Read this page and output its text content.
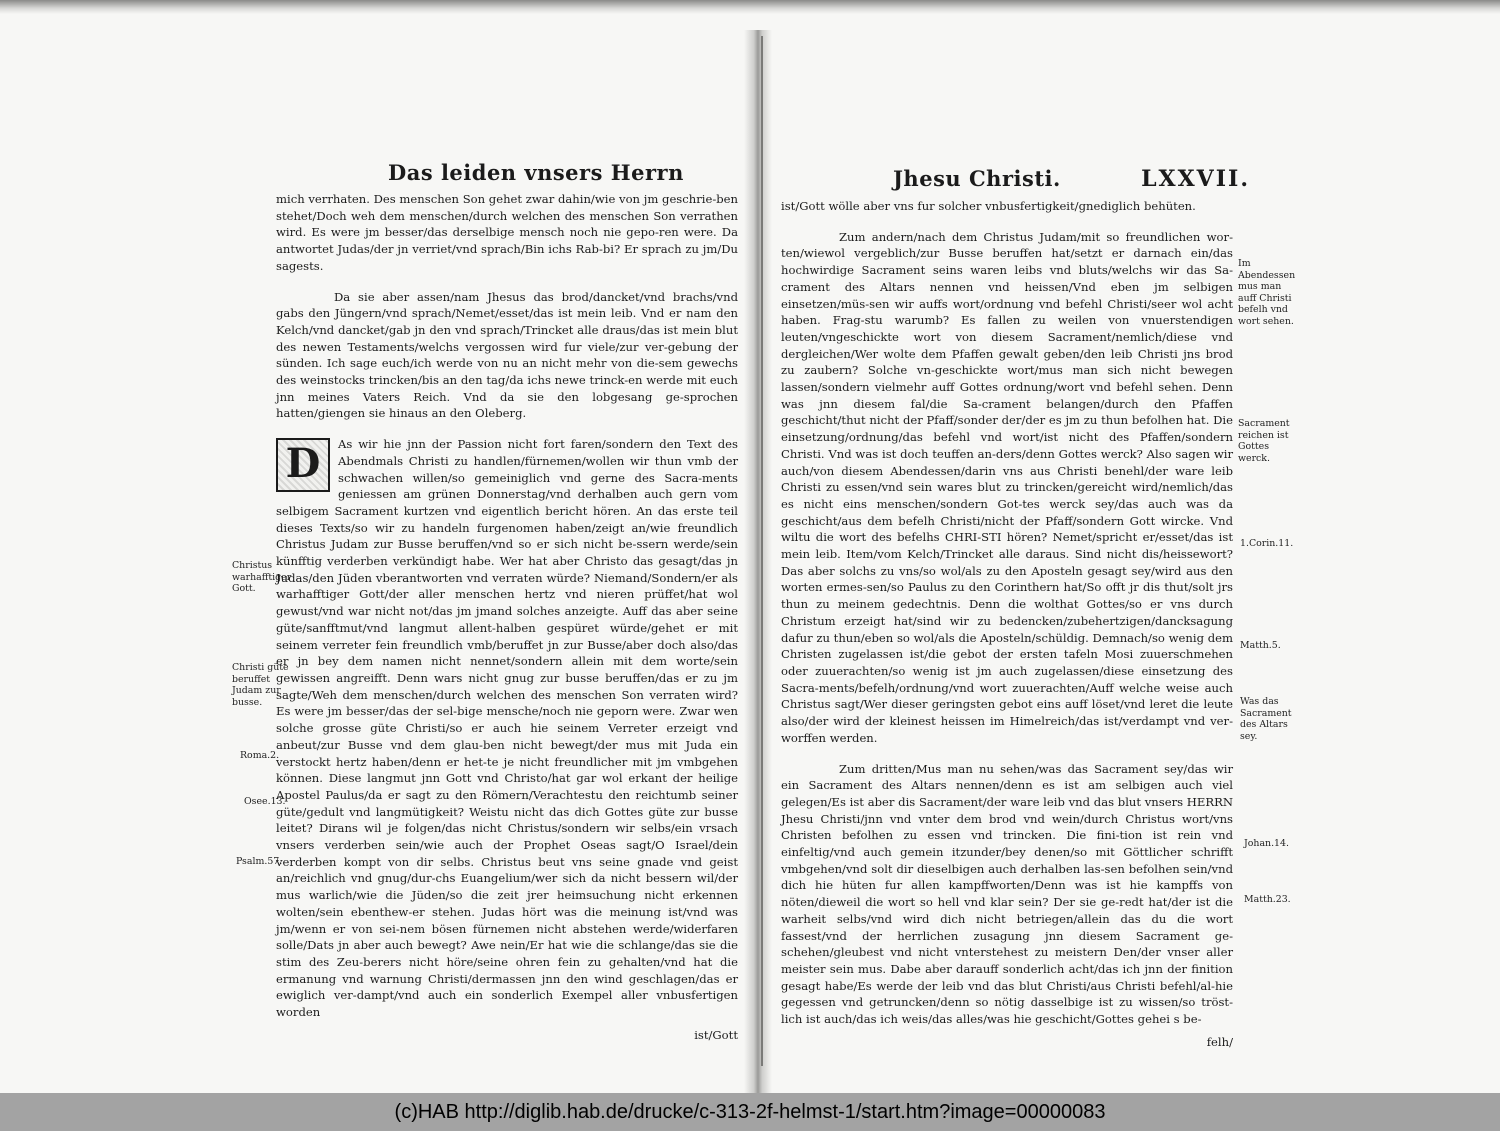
Das leiden vnsers Herrn
mich verrhaten. Des menschen Son gehet zwar dahin/wie von jm geschrie-ben stehet/Doch weh dem menschen/durch welchen des menschen Son verrathen wird. Es were jm besser/das derselbige mensch noch nie gepo-ren were. Da antwortet Judas/der jn verriet/vnd sprach/Bin ichs Rab-bi? Er sprach zu jm/Du sagests.
Da sie aber assen/nam Jhesus das brod/dancket/vnd brachs/vnd gabs den Jüngern/vnd sprach/Nemet/esset/das ist mein leib. Vnd er nam den Kelch/vnd dancket/gab jn den vnd sprach/Trincket alle draus/das ist mein blut des newen Testaments/welchs vergossen wird fur viele/zur ver-gebung der sünden. Ich sage euch/ich werde von nu an nicht mehr von die-sem gewechs des weinstocks trincken/bis an den tag/da ichs newe trinck-en werde mit euch jnn meines Vaters Reich. Vnd da sie den lobgesang ge-sprochen hatten/giengen sie hinaus an den Oleberg.
D	As wir hie jnn der Passion nicht fort faren/sondern den Text des Abendmals Christi zu handlen/fürnemen/wollen wir thun vmb der schwachen willen/so gemeiniglich vnd gerne des Sacra-ments geniessen am grünen Donnerstag/vnd derhalben auch gern vom selbigem Sacrament kurtzen vnd eigentlich bericht hören. An das erste teil dieses Texts/so wir zu handeln furgenomen haben/zeigt an/wie freundlich Christus Judam zur Busse beruffen/vnd so er sich nicht be-ssern werde/sein künfftig verderben verkündigt habe. Wer hat aber Christo das gesagt/das jn Judas/den Jüden vberantworten vnd verraten würde? Niemand/Sondern/er als warhafftiger Gott/der aller menschen hertz vnd nieren prüffet/hat wol gewust/vnd war nicht not/das jm jmand solches anzeigte. Auff das aber seine güte/sanfftmut/vnd langmut allent-halben gespüret würde/gehet er mit seinem verreter fein freundlich vmb/beruffet jn zur Busse/aber doch also/das er jn bey dem namen nicht nennet/sondern allein mit dem worte/sein gewissen angreifft. Denn wars nicht gnug zur busse beruffen/das er zu jm sagte/Weh dem menschen/durch welchen des menschen Son verraten wird? Es were jm besser/das der sel-bige mensche/noch nie geporn were. Zwar wen solche grosse güte Christi/so er auch hie seinem Verreter erzeigt vnd anbeut/zur Busse vnd dem glau-ben nicht bewegt/der mus mit Juda ein verstockt hertz haben/denn er het-te je nicht freundlicher mit jm vmbgehen können. Diese langmut jnn Gott vnd Christo/hat gar wol erkant der heilige Apostel Paulus/da er sagt zu den Römern/Verachtestu den reichtumb seiner güte/gedult vnd langmütigkeit? Weistu nicht das dich Gottes güte zur busse leitet? Dirans wil je folgen/das nicht Christus/sondern wir selbs/ein vrsach vnsers verderben sein/wie auch der Prophet Oseas sagt/O Israel/dein verderben kompt von dir selbs. Christus beut vns seine gnade vnd geist an/reichlich vnd gnug/dur-chs Euangelium/wer sich da nicht bessern wil/der mus warlich/wie die Jüden/so die zeit jrer heimsuchung nicht erkennen wolten/sein ebenthew-er stehen. Judas hört was die meinung ist/vnd was jm/wenn er von sei-nem bösen fürnemen nicht abstehen werde/widerfaren solle/Dats jn aber auch bewegt? Awe nein/Er hat wie die schlange/das sie die stim des Zeu-berers nicht höre/seine ohren fein zu gehalten/vnd hat die ermanung vnd warnung Christi/dermassen jnn den wind geschlagen/das er ewiglich ver-dampt/vnd auch ein sonderlich Exempel aller vnbusfertigen worden
ist/Gott
Christus warhafftiger Gott.
Christi güte beruffet Judam zur busse.
Roma.2.
Osee.13.
Psalm.57.
Jhesu Christi.	LXXVII.
ist/Gott wölle aber vns fur solcher vnbusfertigkeit/gnediglich behüten.
Zum andern/nach dem Christus Judam/mit so freundlichen wor-ten/wiewol vergeblich/zur Busse beruffen hat/setzt er darnach ein/das hochwirdige Sacrament seins waren leibs vnd bluts/welchs wir das Sa-crament des Altars nennen vnd heissen/Vnd eben jm selbigen einsetzen/müs-sen wir auffs wort/ordnung vnd befehl Christi/seer wol acht haben. Frag-stu warumb? Es fallen zu weilen von vnuerstendigen leuten/vngeschickte wort von diesem Sacrament/nemlich/diese vnd dergleichen/Wer wolte dem Pfaffen gewalt geben/den leib Christi jns brod zu zaubern? Solche vn-geschickte wort/mus man sich nicht bewegen lassen/sondern vielmehr auff Gottes ordnung/wort vnd befehl sehen. Denn was jnn diesem fal/die Sa-crament belangen/durch den Pfaffen geschicht/thut nicht der Pfaff/sonder der/der es jm zu thun befolhen hat. Die einsetzung/ordnung/das befehl vnd wort/ist nicht des Pfaffen/sondern Christi. Vnd was ist doch teuffen an-ders/denn Gottes werck? Also sagen wir auch/von diesem Abendessen/darin vns aus Christi benehl/der ware leib Christi zu essen/vnd sein wares blut zu trincken/gereicht wird/nemlich/das es nicht eins menschen/sondern Got-tes werck sey/das auch was da geschicht/aus dem befelh Christi/nicht der Pfaff/sondern Gott wircke. Vnd wiltu die wort des befelhs CHRI-STI hören? Nemet/spricht er/esset/das ist mein leib. Item/vom Kelch/Trincket alle daraus. Sind nicht dis/heissewort? Das aber solchs zu vns/so wol/als zu den Aposteln gesagt sey/wird aus den worten ermes-sen/so Paulus zu den Corinthern hat/So offt jr dis thut/solt jrs thun zu meinem gedechtnis. Denn die wolthat Gottes/so er vns durch Christum erzeigt hat/sind wir zu bedencken/zubehertzigen/dancksagung dafur zu thun/eben so wol/als die Aposteln/schüldig. Demnach/so wenig dem Christen zugelassen ist/die gebot der ersten tafeln Mosi zuuerschmehen oder zuuerachten/so wenig ist jm auch zugelassen/diese einsetzung des Sacra-ments/befelh/ordnung/vnd wort zuuerachten/Auff welche weise auch Christus sagt/Wer dieser geringsten gebot eins auff löset/vnd leret die leute also/der wird der kleinest heissen im Himelreich/das ist/verdampt vnd ver-worffen werden.
Zum dritten/Mus man nu sehen/was das Sacrament sey/das wir ein Sacrament des Altars nennen/denn es ist am selbigen auch viel gelegen/Es ist aber dis Sacrament/der ware leib vnd das blut vnsers HERRN Jhesu Christi/jnn vnd vnter dem brod vnd wein/durch Christus wort/vns Christen befolhen zu essen vnd trincken. Die fini-tion ist rein vnd einfeltig/vnd auch gemein itzunder/bey denen/so mit Göttlicher schrifft vmbgehen/vnd solt dir dieselbigen auch derhalben las-sen befolhen sein/vnd dich hie hüten fur allen kampffworten/Denn was ist hie kampffs von nöten/dieweil die wort so hell vnd klar sein? Der sie ge-redt hat/der ist die warheit selbs/vnd wird dich nicht betriegen/allein das du die wort fassest/vnd der herrlichen zusagung jnn diesem Sacrament ge-schehen/gleubest vnd nicht vnterstehest zu meistern Den/der vnser aller meister sein mus. Dabe aber darauff sonderlich acht/das ich jnn der finition gesagt habe/Es werde der leib vnd das blut Christi/aus Christi befehl/al-hie gegessen vnd getruncken/denn so nötig dasselbige ist zu wissen/so tröst-lich ist auch/das ich weis/das alles/was hie geschicht/Gottes gehei s be-
felh/
Im Abendessen mus man auff Christi befelh vnd wort sehen.
Sacrament reichen ist Gottes werck.
1.Corin.11.
Matth.5.
Was das Sacrament des Altars sey.
Johan.14.
Matth.23.
(c)HAB http://diglib.hab.de/drucke/c-313-2f-helmst-1/start.htm?image=00000083
